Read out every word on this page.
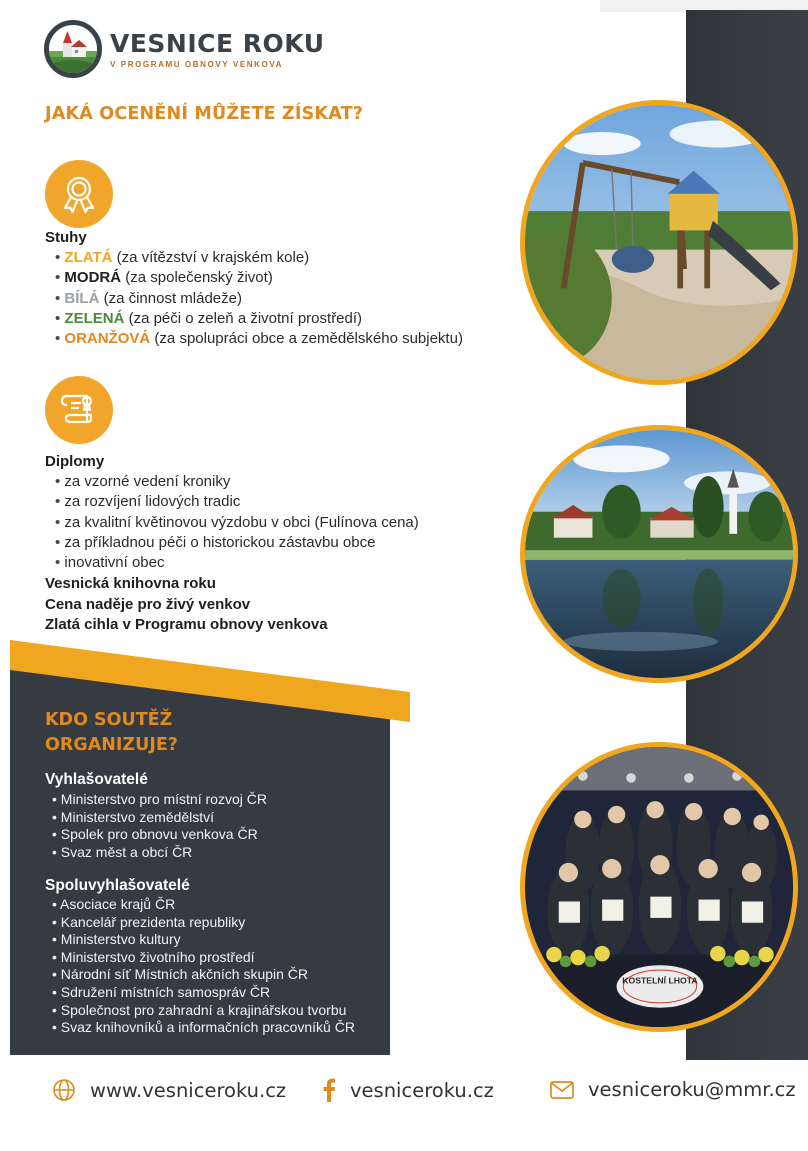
VESNICE ROKU
V PROGRAMU OBNOVY VENKOVA
JAKÁ OCENĚNÍ MŮŽETE ZÍSKAT?
Stuhy
• ZLATÁ (za vítězství v krajském kole)
• MODRÁ (za společenský život)
• BÍLÁ (za činnost mládeže)
• ZELENÁ (za péči o zeleň a životní prostředí)
• ORANŽOVÁ (za spolupráci obce a zemědělského subjektu)
Diplomy
• za vzorné vedení kroniky
• za rozvíjení lidových tradic
• za kvalitní květinovou výzdobu v obci (Fulínova cena)
• za příkladnou péči o historickou zástavbu obce
• inovativní obec
Vesnická knihovna roku
Cena naděje pro živý venkov
Zlatá cihla v Programu obnovy venkova
KDO SOUTĚŽ
ORGANIZUJE?
Vyhlašovatelé
• Ministerstvo pro místní rozvoj ČR
• Ministerstvo zemědělství
• Spolek pro obnovu venkova ČR
• Svaz měst a obcí ČR
Spoluvyhlašovatelé
• Asociace krajů ČR
• Kancelář prezidenta republiky
• Ministerstvo kultury
• Ministerstvo životního prostředí
• Národní síť Místních akčních skupin ČR
• Sdružení místních samospráv ČR
• Společnost pro zahradní a krajinářskou tvorbu
• Svaz knihovníků a informačních pracovníků ČR
KOSTELNÍ LHOTA
www.vesniceroku.cz	vesniceroku.cz	vesniceroku@mmr.cz
